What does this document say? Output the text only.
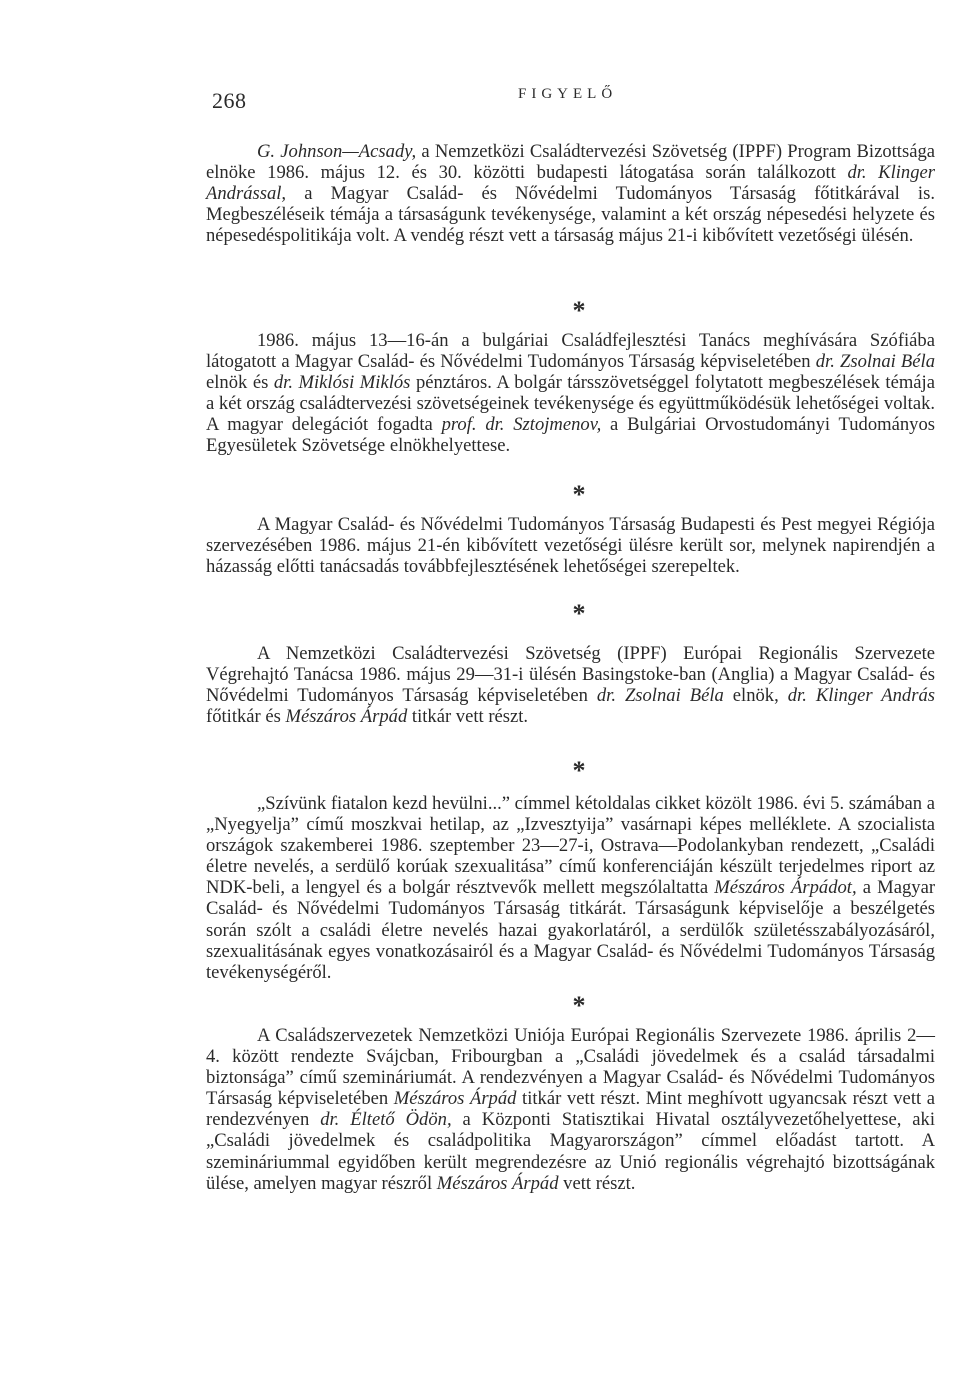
268	FIGYELŐ

G. Johnson—Acsady, a Nemzetközi Családtervezési Szövetség (IPPF) Program Bizottsága elnöke 1986. május 12. és 30. közötti budapesti látogatása során találkozott dr. Klinger Andrással, a Magyar Család- és Nővédelmi Tudományos Társaság főtitkárával is. Megbeszéléseik témája a társaságunk tevékenysége, valamint a két ország népesedési helyzete és népesedéspolitikája volt. A vendég részt vett a társaság május 21-i kibővített vezetőségi ülésén.

*

1986. május 13—16-án a bulgáriai Családfejlesztési Tanács meghívására Szófiába látogatott a Magyar Család- és Nővédelmi Tudományos Társaság képviseletében dr. Zsolnai Béla elnök és dr. Miklósi Miklós pénztáros. A bolgár társszövetséggel folytatott megbeszélések témája a két ország családtervezési szövetségeinek tevékenysége és együttműködésük lehetőségei voltak. A magyar delegációt fogadta prof. dr. Sztojmenov, a Bulgáriai Orvostudományi Tudományos Egyesületek Szövetsége elnökhelyettese.

*

A Magyar Család- és Nővédelmi Tudományos Társaság Budapesti és Pest megyei Régiója szervezésében 1986. május 21-én kibővített vezetőségi ülésre került sor, melynek napirendjén a házasság előtti tanácsadás továbbfejlesztésének lehetőségei szerepeltek.

*

A Nemzetközi Családtervezési Szövetség (IPPF) Európai Regionális Szervezete Végrehajtó Tanácsa 1986. május 29—31-i ülésén Basingstoke-ban (Anglia) a Magyar Család- és Nővédelmi Tudományos Társaság képviseletében dr. Zsolnai Béla elnök, dr. Klinger András főtitkár és Mészáros Árpád titkár vett részt.

*

„Szívünk fiatalon kezd hevülni...” címmel kétoldalas cikket közölt 1986. évi 5. számában a „Nyegyelja” című moszkvai hetilap, az „Izvesztyija” vasárnapi képes melléklete. A szocialista országok szakemberei 1986. szeptember 23—27-i, Ostrava—Podolankyban rendezett, „Családi életre nevelés, a serdülő korúak szexualitása” című konferenciáján készült terjedelmes riport az NDK-beli, a lengyel és a bolgár résztvevők mellett megszólaltatta Mészáros Árpádot, a Magyar Család- és Nővédelmi Tudományos Társaság titkárát. Társaságunk képviselője a beszélgetés során szólt a családi életre nevelés hazai gyakorlatáról, a serdülők születésszabályozásáról, szexualitásának egyes vonatkozásairól és a Magyar Család- és Nővédelmi Tudományos Társaság tevékenységéről.

*

A Családszervezetek Nemzetközi Uniója Európai Regionális Szervezete 1986. április 2—4. között rendezte Svájcban, Fribourgban a „Családi jövedelmek és a család társadalmi biztonsága” című szemináriumát. A rendezvényen a Magyar Család- és Nővédelmi Tudományos Társaság képviseletében Mészáros Árpád titkár vett részt. Mint meghívott ugyancsak részt vett a rendezvényen dr. Éltető Ödön, a Központi Statisztikai Hivatal osztályvezetőhelyettese, aki „Családi jövedelmek és családpolitika Magyarországon” címmel előadást tartott. A szemináriummal egyidőben került megrendezésre az Unió regionális végrehajtó bizottságának ülése, amelyen magyar részről Mészáros Árpád vett részt.
